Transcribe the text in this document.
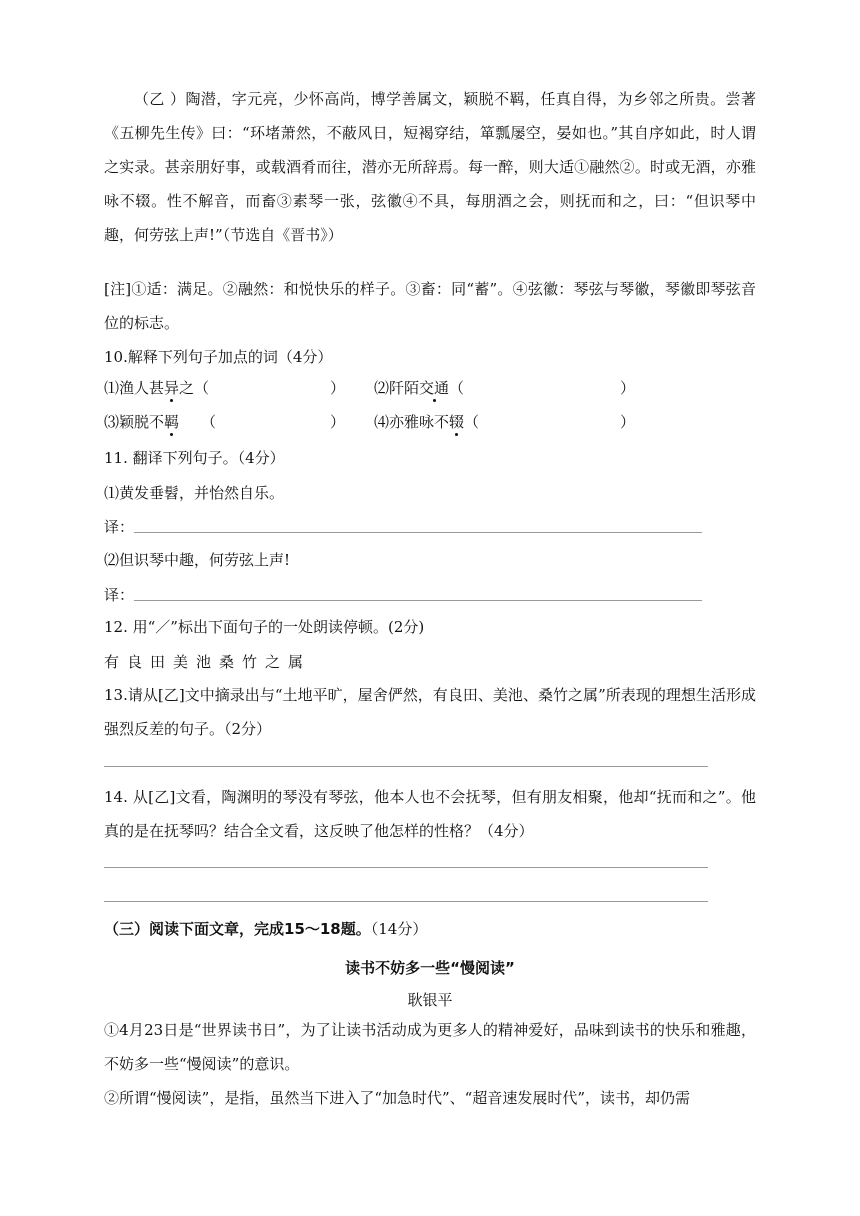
（乙 ）陶潜，字元亮，少怀高尚，博学善属文，颖脱不羁，任真自得，为乡邻之所贵。尝著《五柳先生传》曰：“环堵萧然，不蔽风日，短褐穿结，箪瓢屡空，晏如也。”其自序如此，时人谓之实录。甚亲朋好事，或载酒肴而往，潜亦无所辞焉。每一醉，则大适①融然②。时或无酒，亦雅咏不辍。性不解音，而畜③素琴一张，弦徽④不具，每朋酒之会，则抚而和之，曰：“但识琴中趣，何劳弦上声!”（节选自《晋书》）
[注]①适：满足。②融然：和悦快乐的样子。③畜：同“蓄”。④弦徽：琴弦与琴徽，琴徽即琴弦音位的标志。
10.解释下列句子加点的词（4分）
⑴渔人甚异之（	） ⑵阡陌交通（	）
⑶颖脱不羁 （	） ⑷亦雅咏不辍（	）
11. 翻译下列句子。（4分）
⑴黄发垂髫，并怡然自乐。
译：
⑵但识琴中趣，何劳弦上声!
译：
12. 用“／”标出下面句子的一处朗读停顿。(2分)
有良田美池桑竹之属
13.请从[乙]文中摘录出与“土地平旷，屋舍俨然，有良田、美池、桑竹之属”所表现的理想生活形成强烈反差的句子。（2分）
14. 从[乙]文看，陶渊明的琴没有琴弦，他本人也不会抚琴，但有朋友相聚，他却“抚而和之”。他真的是在抚琴吗？结合全文看，这反映了他怎样的性格？（4分）
（三）阅读下面文章，完成15～18题。（14分）
读书不妨多一些“慢阅读”
耿银平
①4月23日是“世界读书日”，为了让读书活动成为更多人的精神爱好，品味到读书的快乐和雅趣，不妨多一些“慢阅读”的意识。
②所谓“慢阅读”，是指，虽然当下进入了“加急时代”、“超音速发展时代”，读书，却仍需
